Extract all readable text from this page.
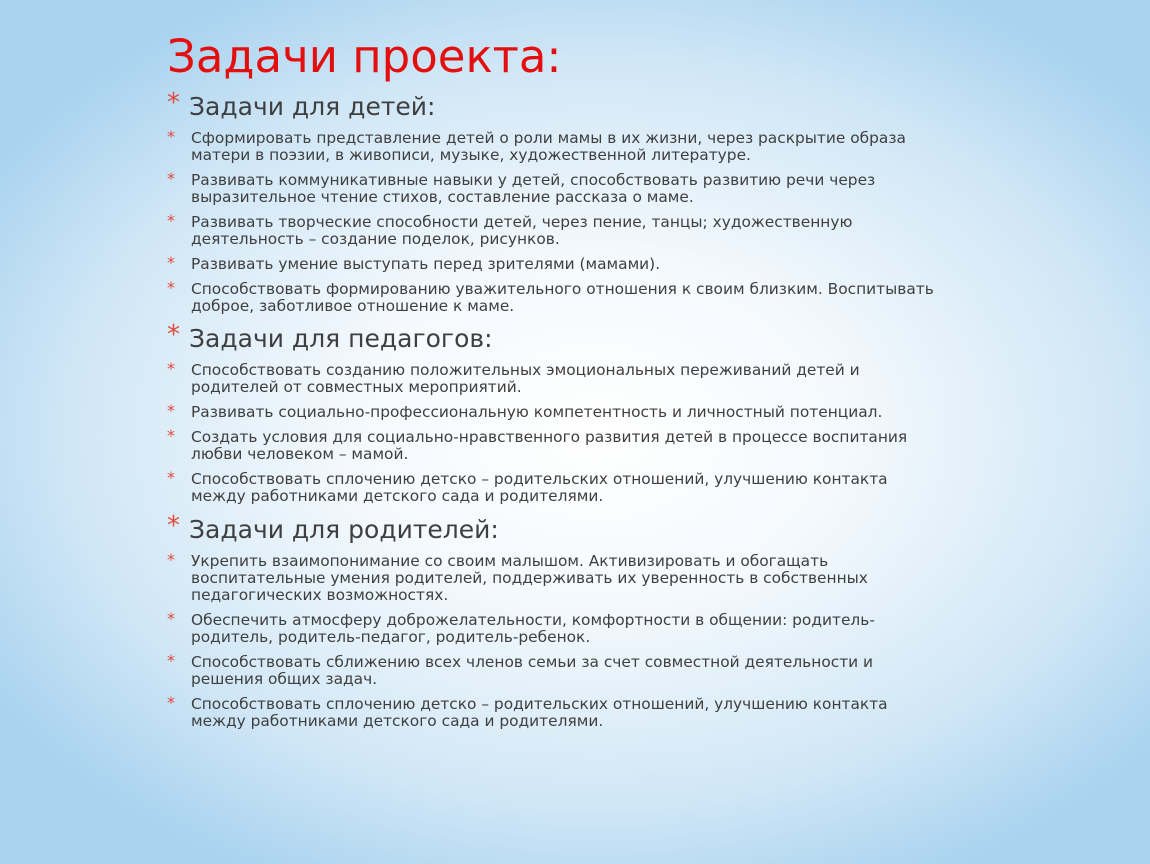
Задачи проекта:
* Задачи для детей:
* Сформировать представление детей о роли мамы в их жизни, через раскрытие образа матери в поэзии, в живописи, музыке, художественной литературе.
* Развивать коммуникативные навыки у детей, способствовать развитию речи через выразительное чтение стихов, составление рассказа о маме.
* Развивать творческие способности детей, через пение, танцы; художественную деятельность – создание поделок, рисунков.
* Развивать умение выступать перед зрителями (мамами).
* Способствовать формированию уважительного отношения к своим близким. Воспитывать доброе, заботливое отношение к маме.
* Задачи для педагогов:
* Способствовать созданию положительных эмоциональных переживаний детей и родителей от совместных мероприятий.
* Развивать социально-профессиональную компетентность и личностный потенциал.
* Создать условия для социально-нравственного развития детей в процессе воспитания любви человеком – мамой.
* Способствовать сплочению детско – родительских отношений, улучшению контакта между работниками детского сада и родителями.
* Задачи для родителей:
* Укрепить взаимопонимание со своим малышом. Активизировать и обогащать воспитательные умения родителей, поддерживать их уверенность в собственных педагогических возможностях.
* Обеспечить атмосферу доброжелательности, комфортности в общении: родитель-родитель, родитель-педагог, родитель-ребенок.
* Способствовать сближению всех членов семьи за счет совместной деятельности и решения общих задач.
* Способствовать сплочению детско – родительских отношений, улучшению контакта между работниками детского сада и родителями.
